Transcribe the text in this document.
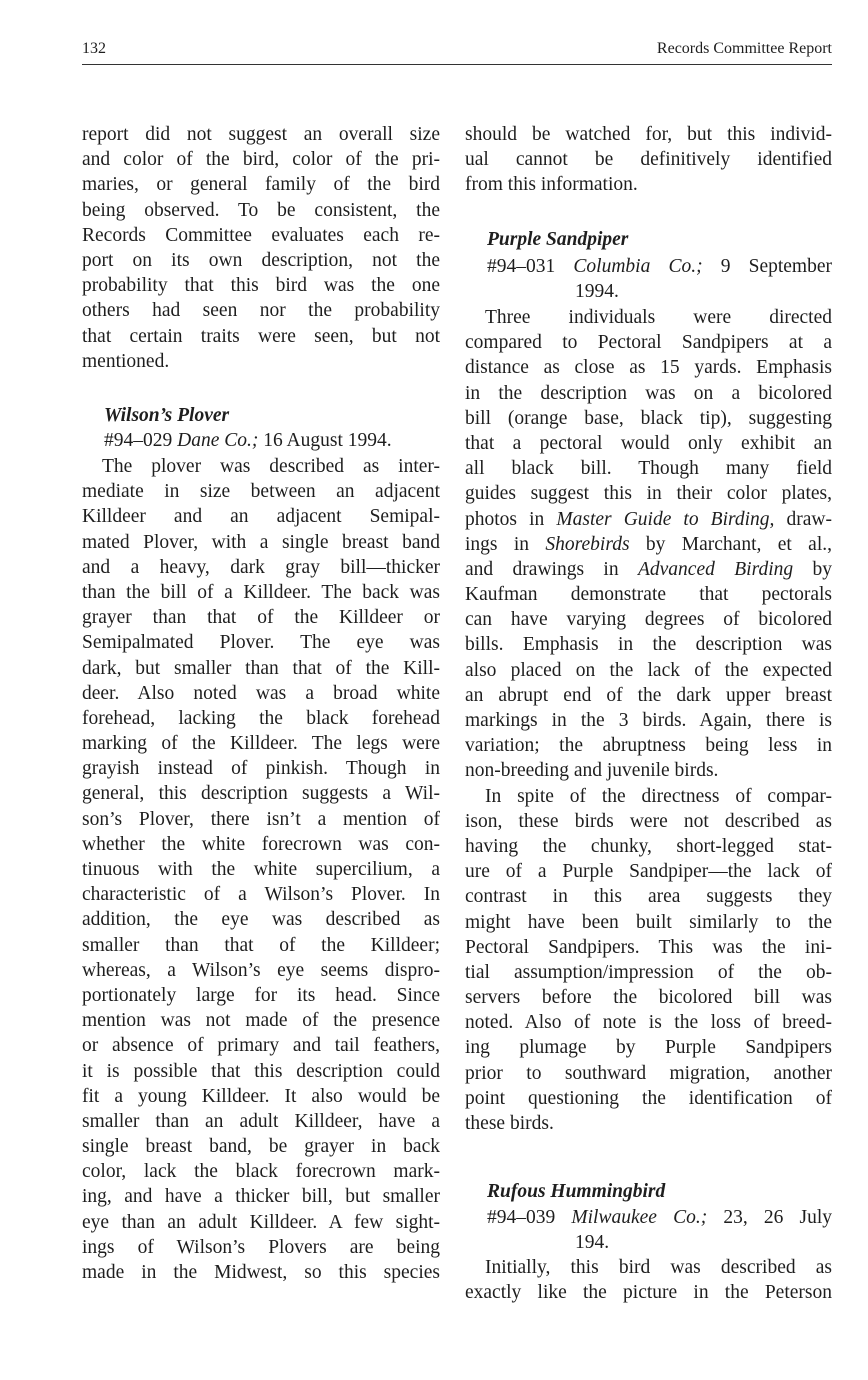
132	Records Committee Report
report did not suggest an overall size
and color of the bird, color of the pri-
maries, or general family of the bird
being observed. To be consistent, the
Records Committee evaluates each re-
port on its own description, not the
probability that this bird was the one
others had seen nor the probability
that certain traits were seen, but not
mentioned.
Wilson’s Plover
#94–029 Dane Co.; 16 August 1994.
The plover was described as inter-
mediate in size between an adjacent
Killdeer and an adjacent Semipal-
mated Plover, with a single breast band
and a heavy, dark gray bill—thicker
than the bill of a Killdeer. The back was
grayer than that of the Killdeer or
Semipalmated Plover. The eye was
dark, but smaller than that of the Kill-
deer. Also noted was a broad white
forehead, lacking the black forehead
marking of the Killdeer. The legs were
grayish instead of pinkish. Though in
general, this description suggests a Wil-
son’s Plover, there isn’t a mention of
whether the white forecrown was con-
tinuous with the white supercilium, a
characteristic of a Wilson’s Plover. In
addition, the eye was described as
smaller than that of the Killdeer;
whereas, a Wilson’s eye seems dispro-
portionately large for its head. Since
mention was not made of the presence
or absence of primary and tail feathers,
it is possible that this description could
fit a young Killdeer. It also would be
smaller than an adult Killdeer, have a
single breast band, be grayer in back
color, lack the black forecrown mark-
ing, and have a thicker bill, but smaller
eye than an adult Killdeer. A few sight-
ings of Wilson’s Plovers are being
made in the Midwest, so this species
should be watched for, but this individ-
ual cannot be definitively identified
from this information.
Purple Sandpiper
#94–031 Columbia Co.; 9 September
1994.
Three individuals were directed
compared to Pectoral Sandpipers at a
distance as close as 15 yards. Emphasis
in the description was on a bicolored
bill (orange base, black tip), suggesting
that a pectoral would only exhibit an
all black bill. Though many field
guides suggest this in their color plates,
photos in Master Guide to Birding, draw-
ings in Shorebirds by Marchant, et al.,
and drawings in Advanced Birding by
Kaufman demonstrate that pectorals
can have varying degrees of bicolored
bills. Emphasis in the description was
also placed on the lack of the expected
an abrupt end of the dark upper breast
markings in the 3 birds. Again, there is
variation; the abruptness being less in
non-breeding and juvenile birds.
In spite of the directness of compar-
ison, these birds were not described as
having the chunky, short-legged stat-
ure of a Purple Sandpiper—the lack of
contrast in this area suggests they
might have been built similarly to the
Pectoral Sandpipers. This was the ini-
tial assumption/impression of the ob-
servers before the bicolored bill was
noted. Also of note is the loss of breed-
ing plumage by Purple Sandpipers
prior to southward migration, another
point questioning the identification of
these birds.
Rufous Hummingbird
#94–039 Milwaukee Co.; 23, 26 July
194.
Initially, this bird was described as
exactly like the picture in the Peterson
